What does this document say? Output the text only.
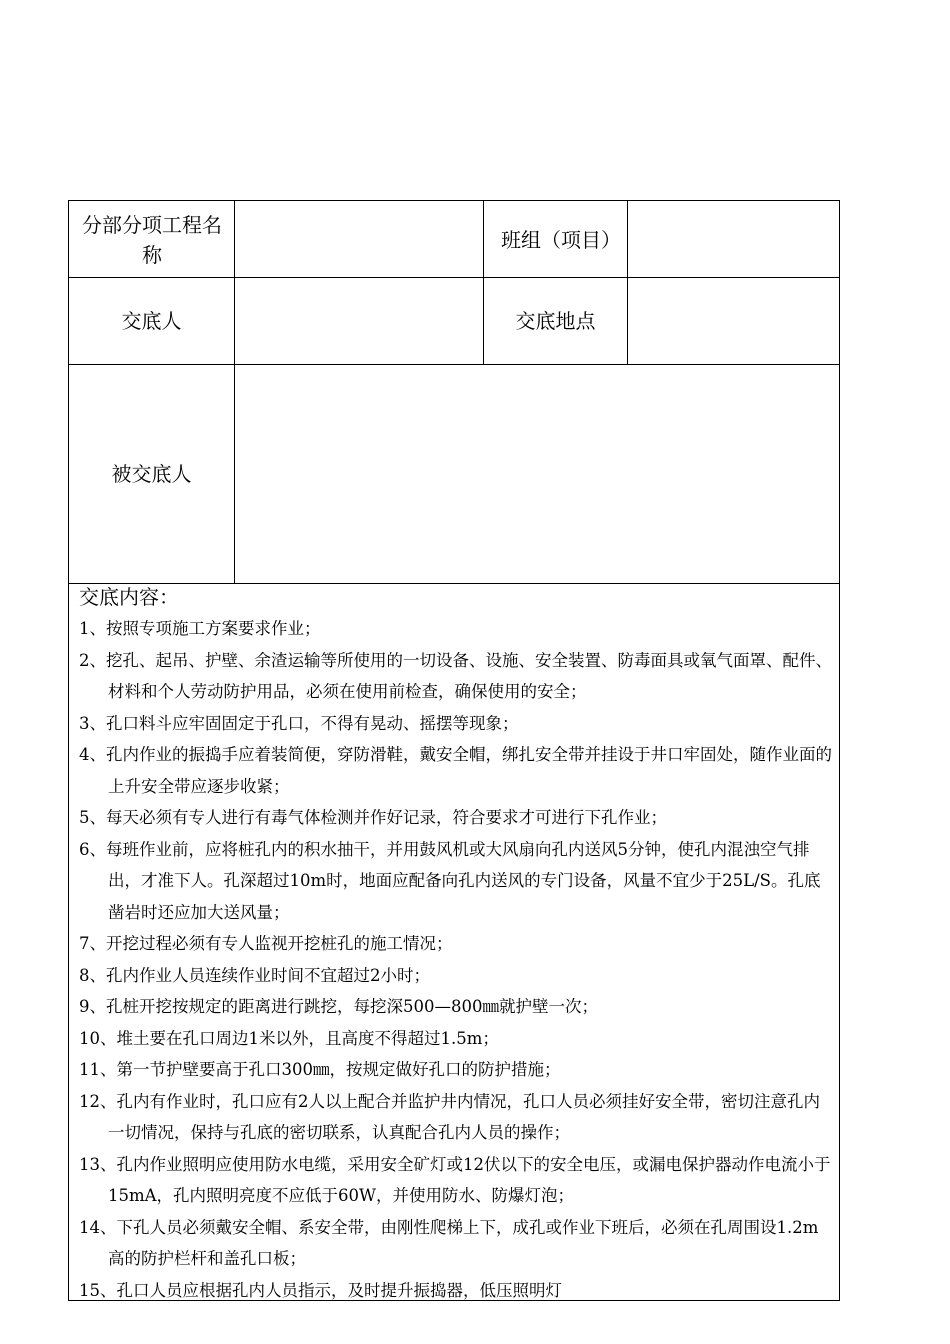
分部分项工程名称
班组（项目）
交底人	交底地点
被交底人
交底内容：
1、按照专项施工方案要求作业；
2、挖孔、起吊、护壁、余渣运输等所使用的一切设备、设施、安全装置、防毒面具或氧气面罩、配件、材料和个人劳动防护用品，必须在使用前检查，确保使用的安全；
3、孔口料斗应牢固固定于孔口，不得有晃动、摇摆等现象；
4、孔内作业的振捣手应着装简便，穿防滑鞋，戴安全帽，绑扎安全带并挂设于井口牢固处，随作业面的上升安全带应逐步收紧；
5、每天必须有专人进行有毒气体检测并作好记录，符合要求才可进行下孔作业；
6、每班作业前，应将桩孔内的积水抽干，并用鼓风机或大风扇向孔内送风5分钟，使孔内混浊空气排出，才准下人。孔深超过10m时，地面应配备向孔内送风的专门设备，风量不宜少于25L/S。孔底凿岩时还应加大送风量；
7、开挖过程必须有专人监视开挖桩孔的施工情况；
8、孔内作业人员连续作业时间不宜超过2小时；
9、孔桩开挖按规定的距离进行跳挖，每挖深500—800㎜就护壁一次；
10、堆土要在孔口周边1米以外，且高度不得超过1.5m；
11、第一节护壁要高于孔口300㎜，按规定做好孔口的防护措施；
12、孔内有作业时，孔口应有2人以上配合并监护井内情况，孔口人员必须挂好安全带，密切注意孔内一切情况，保持与孔底的密切联系，认真配合孔内人员的操作；
13、孔内作业照明应使用防水电缆，采用安全矿灯或12伏以下的安全电压，或漏电保护器动作电流小于15mA，孔内照明亮度不应低于60W，并使用防水、防爆灯泡；
14、下孔人员必须戴安全帽、系安全带，由刚性爬梯上下，成孔或作业下班后，必须在孔周围设1.2m高的防护栏杆和盖孔口板；
15、孔口人员应根据孔内人员指示，及时提升振捣器，低压照明灯
